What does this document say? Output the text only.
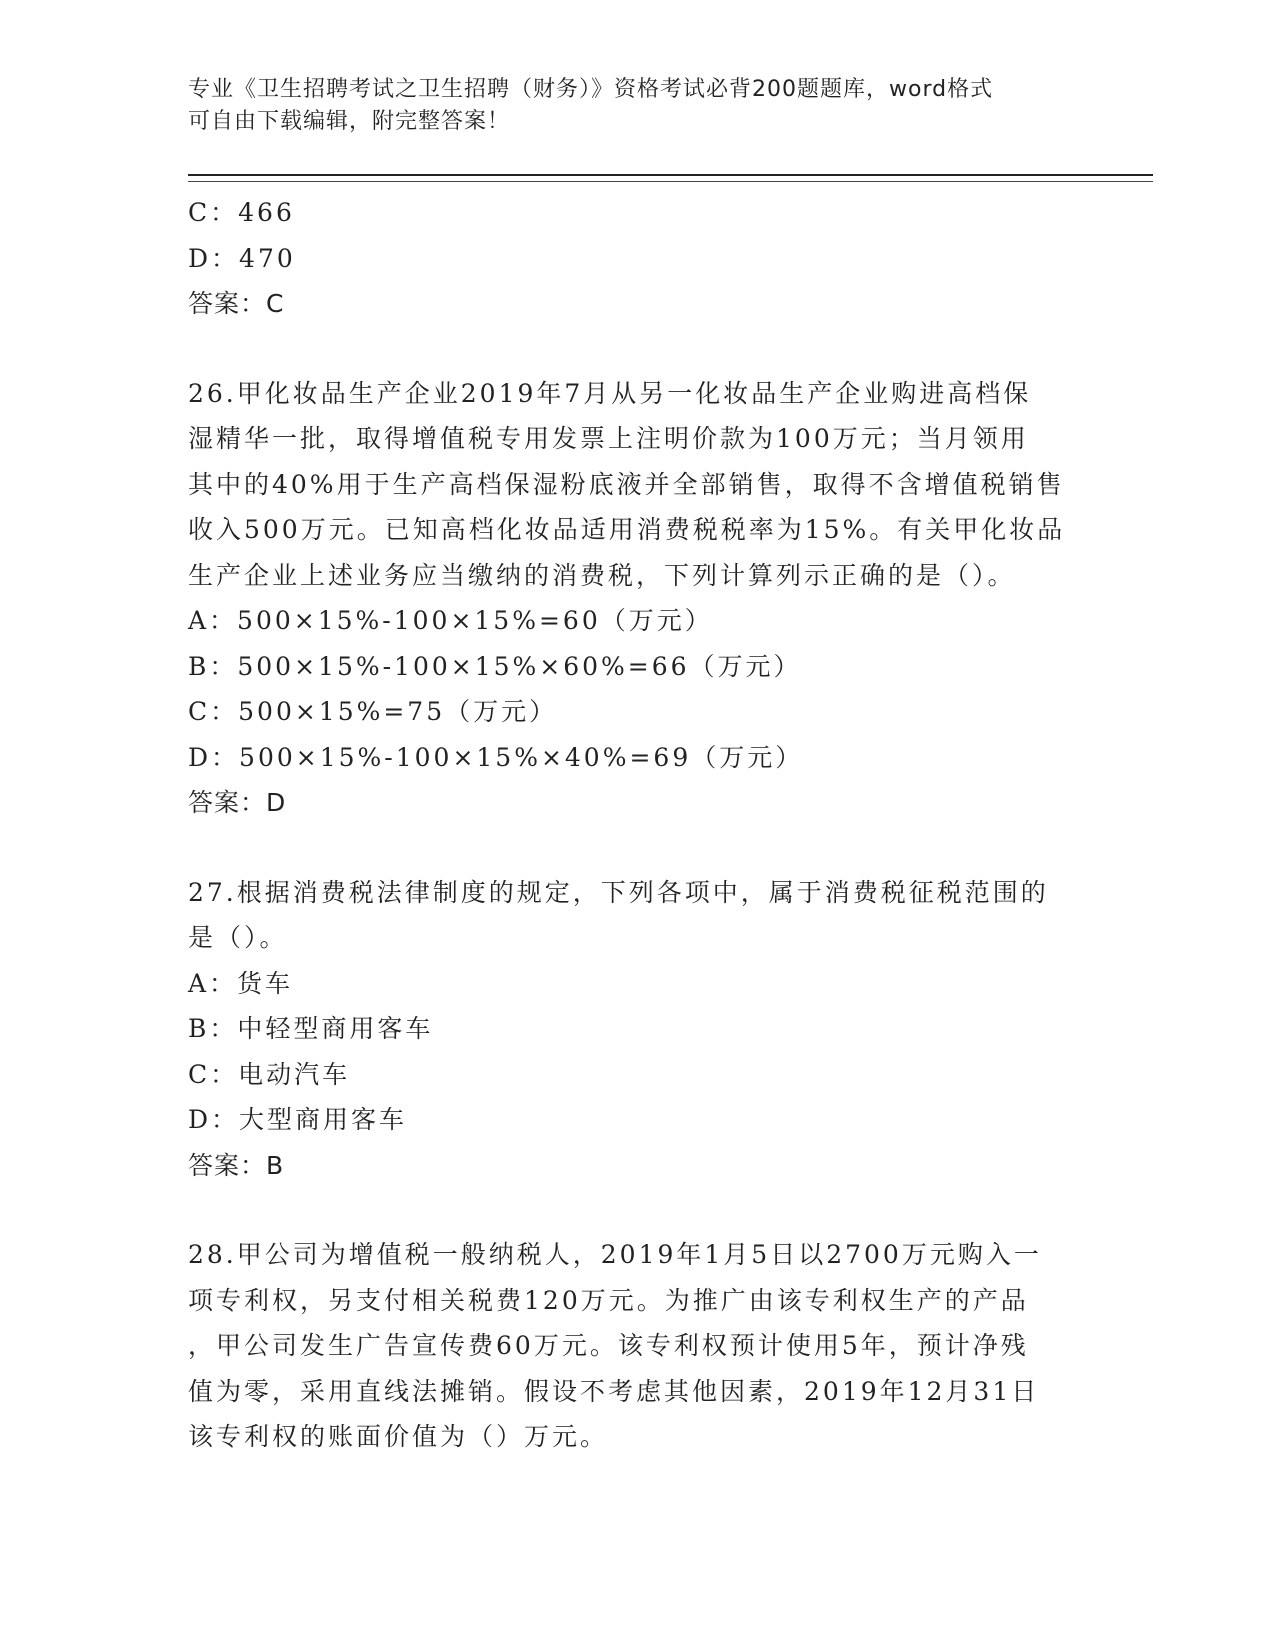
专业《卫生招聘考试之卫生招聘（财务）》资格考试必背200题题库，word格式
可自由下载编辑，附完整答案！
C：466
D：470
答案：C
26.甲化妆品生产企业2019年7月从另一化妆品生产企业购进高档保
湿精华一批，取得增值税专用发票上注明价款为100万元；当月领用
其中的40%用于生产高档保湿粉底液并全部销售，取得不含增值税销售
收入500万元。已知高档化妆品适用消费税税率为15%。有关甲化妆品
生产企业上述业务应当缴纳的消费税，下列计算列示正确的是（）。
A：500×15%-100×15%=60（万元）
B：500×15%-100×15%×60%=66（万元）
C：500×15%=75（万元）
D：500×15%-100×15%×40%=69（万元）
答案：D
27.根据消费税法律制度的规定，下列各项中，属于消费税征税范围的
是（）。
A：货车
B：中轻型商用客车
C：电动汽车
D：大型商用客车
答案：B
28.甲公司为增值税一般纳税人，2019年1月5日以2700万元购入一
项专利权，另支付相关税费120万元。为推广由该专利权生产的产品
，甲公司发生广告宣传费60万元。该专利权预计使用5年，预计净残
值为零，采用直线法摊销。假设不考虑其他因素，2019年12月31日
该专利权的账面价值为（）万元。
